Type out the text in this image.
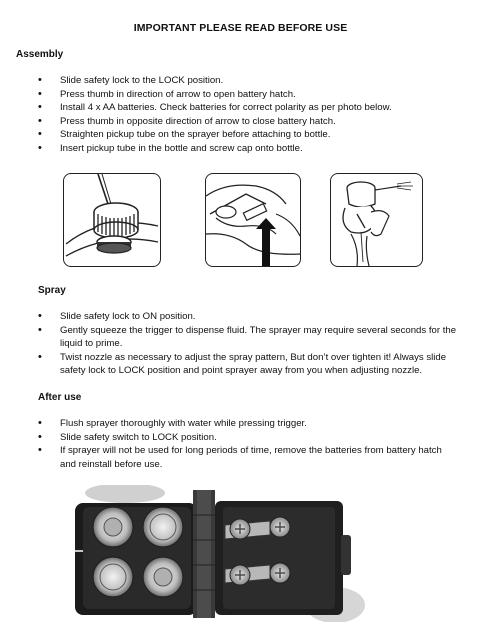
IMPORTANT PLEASE READ BEFORE USE
Assembly
• Slide safety lock to the LOCK position.
• Press thumb in direction of arrow to open battery hatch.
• Install 4 x AA batteries. Check batteries for correct polarity as per photo below.
• Press thumb in opposite direction of arrow to close battery hatch.
• Straighten pickup tube on the sprayer before attaching to bottle.
• Insert pickup tube in the bottle and screw cap onto bottle.
Spray
• Slide safety lock to ON position.
• Gently squeeze the trigger to dispense fluid. The sprayer may require several seconds for the liquid to prime.
• Twist nozzle as necessary to adjust the spray pattern, But don’t over tighten it! Always slide safety lock to LOCK position and point sprayer away from you when adjusting nozzle.
After use
• Flush sprayer thoroughly with water while pressing trigger.
• Slide safety switch to LOCK position.
• If sprayer will not be used for long periods of time, remove the batteries from battery hatch and reinstall before use.
